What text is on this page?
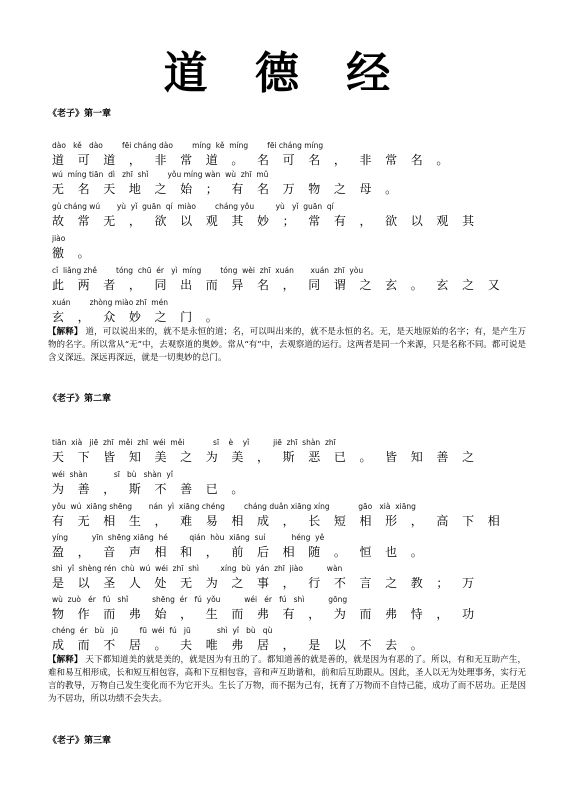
道 德 经
《老子》第一章
dào   kě   dào        fēi cháng dào        míng  kě  míng        fēi cháng míng
道  可  道  ，  非  常  道  。  名  可  名  ，  非  常  名  。
wú  míng tiān  dì   zhī  shǐ        yǒu míng wàn  wù  zhī  mǔ
无  名  天  地  之  始  ；  有  名  万  物  之  母  。
gù cháng wú       yù  yǐ  guān  qí  miào        cháng yǒu         yù   yǐ  guān  qí
故  常  无  ，  欲  以  观  其  妙  ；  常  有  ，  欲  以  观  其
jiào
徼  。
cǐ  liǎng zhě        tóng  chū  ér   yì  míng        tóng  wèi  zhī  xuán       xuán  zhī  yòu
此  两  者  ，  同  出  而  异  名  ，  同  谓  之  玄  。  玄  之  又
xuán        zhòng miào zhī  mén
玄  ，  众  妙  之  门  。
【解释】 道，可以说出来的，就不是永恒的道；名，可以叫出来的，就不是永恒的名。无，是天地原始的名字；有，是产生万物的名字。所以常从“无”中，去观察道的奥妙。常从“有”中，去观察道的运行。这两者是同一个来源，只是名称不同。都可说是含义深远。深远再深远，就是一切奥妙的总门。
《老子》第二章
tiān  xià   jiē  zhī  měi  zhī  wéi  měi            sī    è    yǐ          jiē  zhī  shàn  zhī
天  下  皆  知  美  之  为  美  ，  斯  恶  已  。  皆  知  善  之
wéi  shàn           sī   bù   shàn  yǐ
为  善  ，  斯  不  善  已  。
yǒu  wú  xiāng shēng       nán  yì  xiāng chéng        cháng duǎn xiāng xíng            gāo   xià  xiāng
有  无  相  生  ，  难  易  相  成  ，  长  短  相  形  ，  高  下  相
yíng          yīn  shēng xiāng  hé         qián  hòu  xiāng  suí           héng  yě
盈  ，  音  声  相  和  ，  前  后  相  随  。  恒  也  。
shì  yǐ  shèng rén  chù  wú  wéi  zhī  shì         xíng  bù  yán  zhī  jiào          wàn
是  以  圣  人  处  无  为  之  事  ，  行  不  言  之  教  ；  万
wù  zuò   ér   fú   shǐ          shēng  ér   fú  yǒu          wéi   ér   fú   shì          gōng
物  作  而  弗  始  ，  生  而  弗  有  ，  为  而  弗  恃  ，  功
chéng  ér   bù   jū         fū  wéi  fú   jū           shì  yǐ   bù   qù
成  而  不  居  。  夫  唯  弗  居  ，  是  以  不  去  。
【解释】 天下都知道美的就是美的，就是因为有丑的了。都知道善的就是善的，就是因为有恶的了。所以，有和无互助产生，难和易互相形成，长和短互相包容，高和下互相包容，音和声互助谐和，前和后互助跟从。因此，圣人以无为处理事务，实行无言的教导，万物自己发生变化而不为它开头。生长了万物，而不据为己有，抚育了万物而不自恃己能，成功了而不居功。正是因为不居功，所以功绩不会失去。
《老子》第三章
